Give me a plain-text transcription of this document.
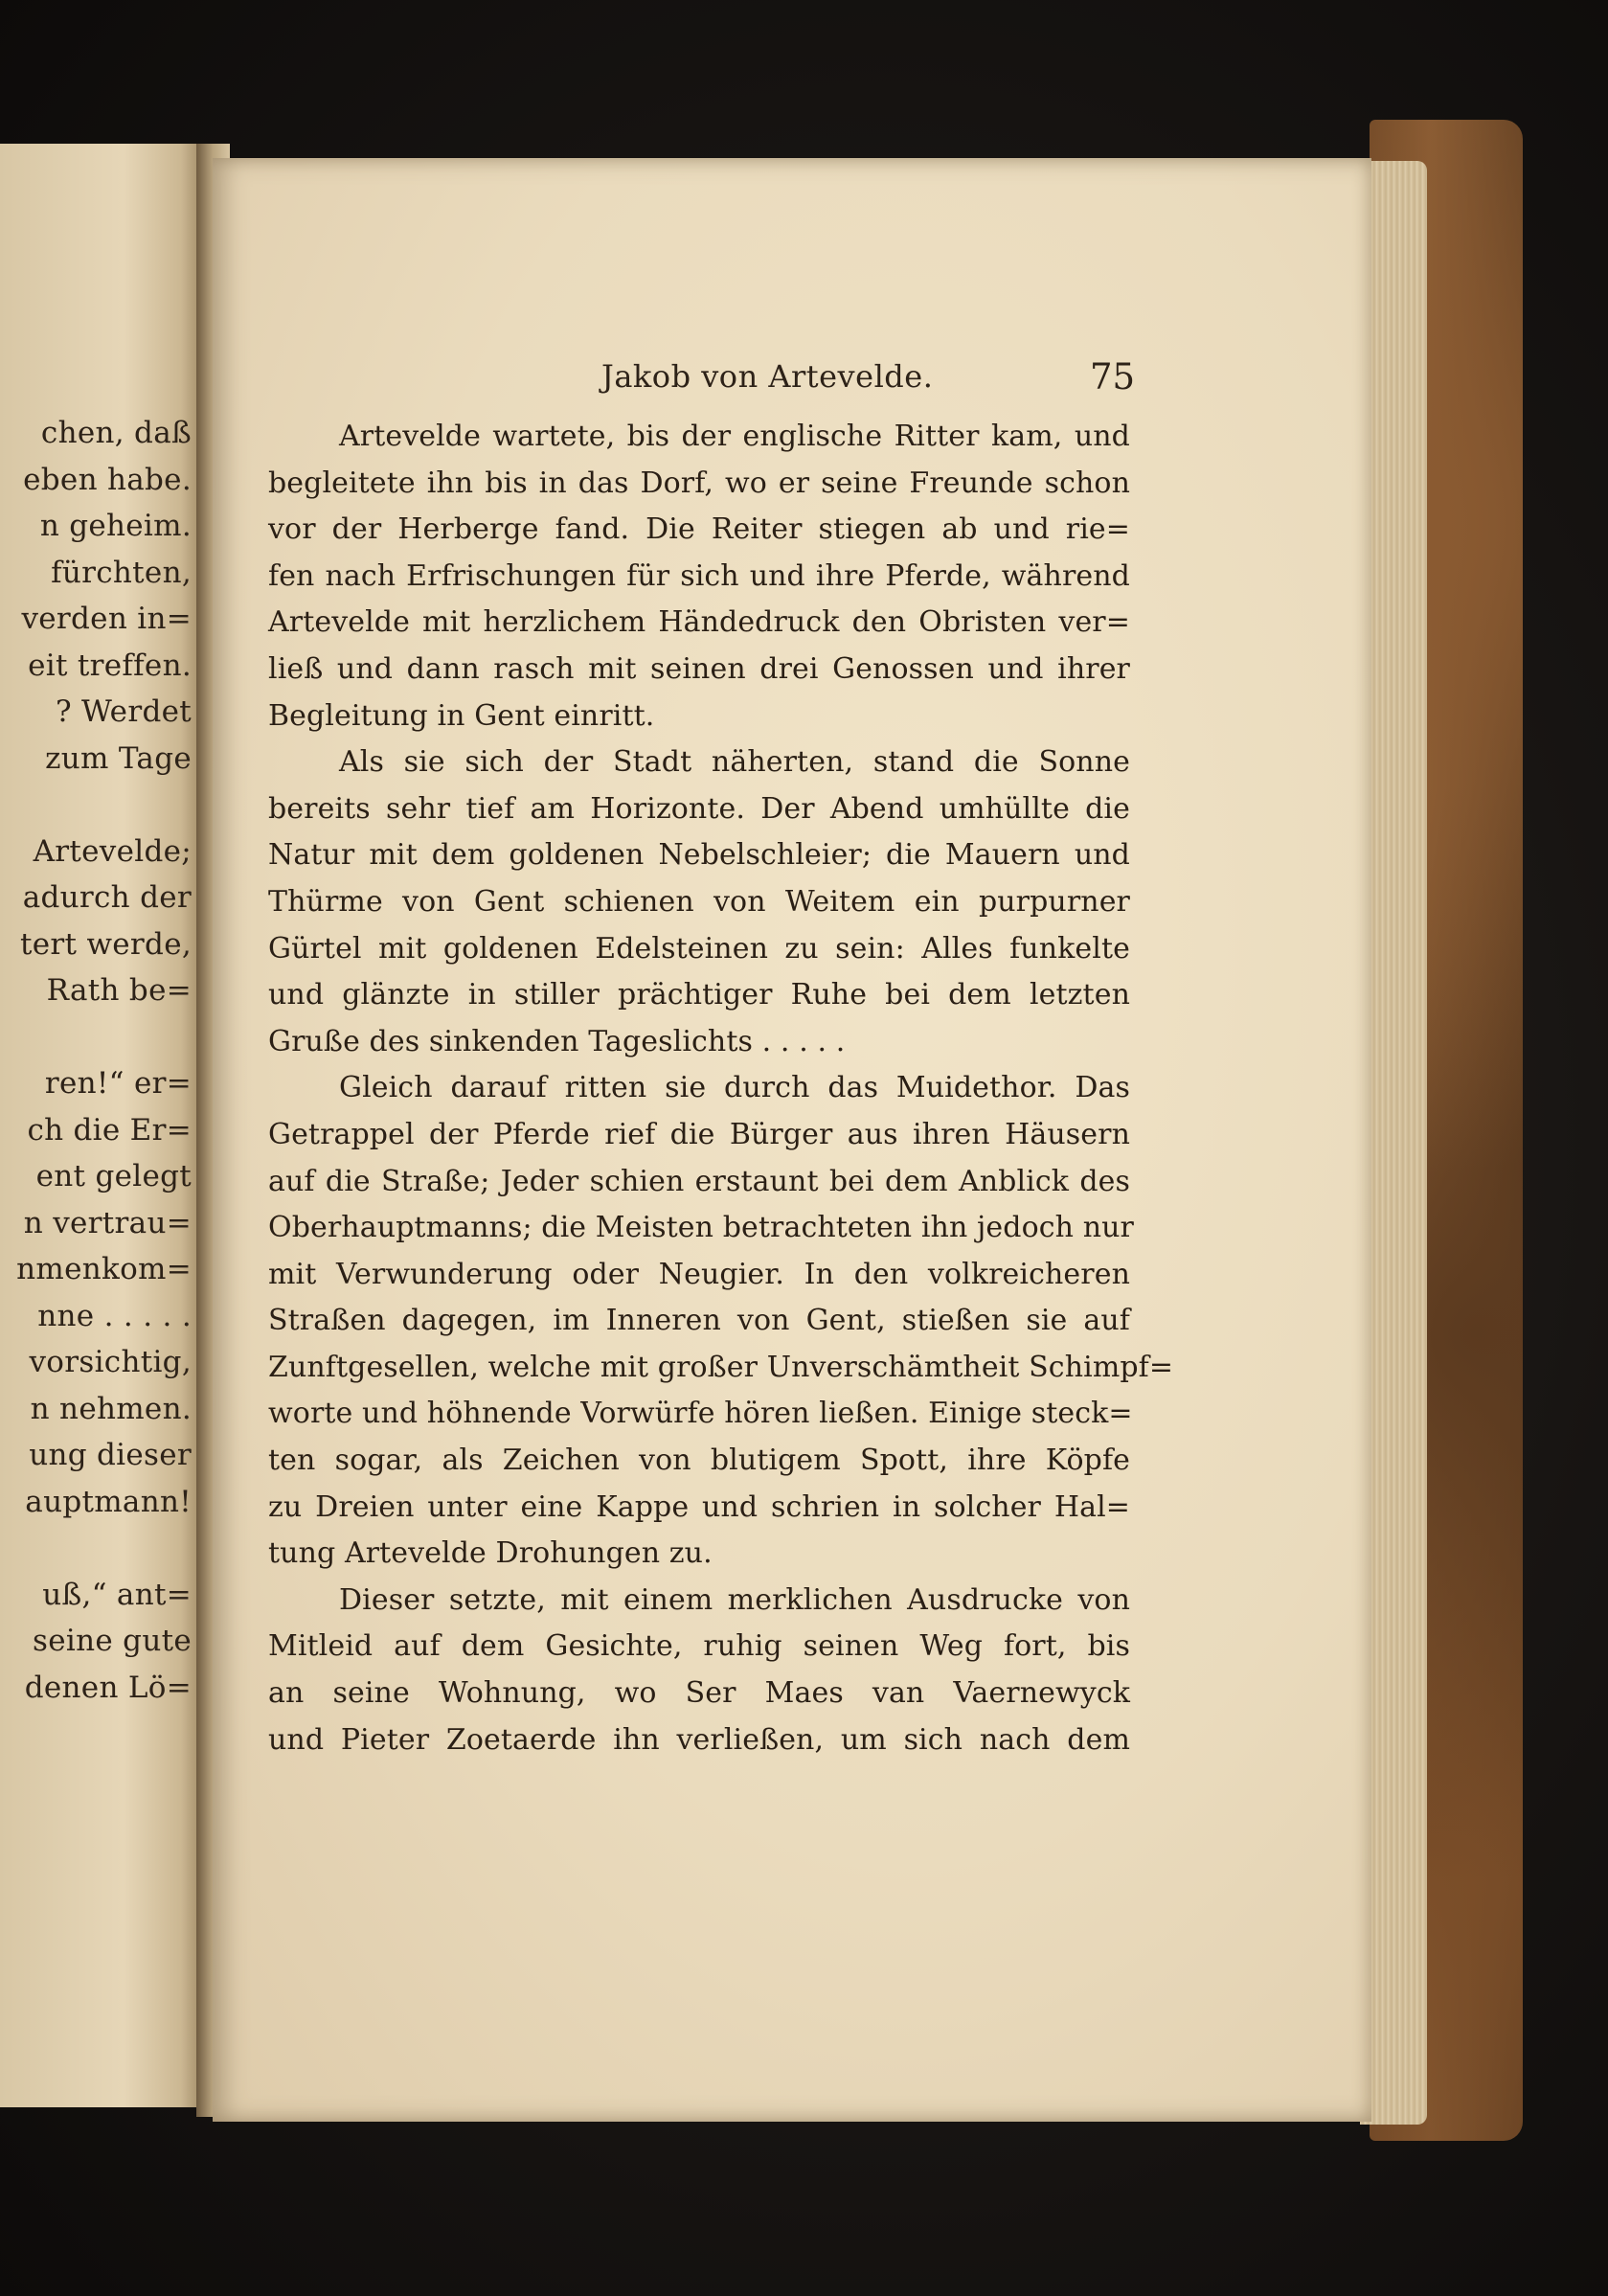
chen, daß
eben habe.
n geheim.
fürchten,
verden in=
eit treffen.
? Werdet
zum Tage
Artevelde;
adurch der
tert werde,
Rath be=
ren!“ er=
ch die Er=
ent gelegt
n vertrau=
nmenkom=
nne . . . . .
vorsichtig,
n nehmen.
ung dieser
auptmann!
uß,“ ant=
seine gute
denen Lö=
Jakob von Artevelde.	75
Artevelde wartete, bis der englische Ritter kam, und
begleitete ihn bis in das Dorf, wo er seine Freunde schon
vor der Herberge fand. Die Reiter stiegen ab und rie=
fen nach Erfrischungen für sich und ihre Pferde, während
Artevelde mit herzlichem Händedruck den Obristen ver=
ließ und dann rasch mit seinen drei Genossen und ihrer
Begleitung in Gent einritt.
Als sie sich der Stadt näherten, stand die Sonne
bereits sehr tief am Horizonte. Der Abend umhüllte die
Natur mit dem goldenen Nebelschleier; die Mauern und
Thürme von Gent schienen von Weitem ein purpurner
Gürtel mit goldenen Edelsteinen zu sein: Alles funkelte
und glänzte in stiller prächtiger Ruhe bei dem letzten
Gruße des sinkenden Tageslichts . . . . .
Gleich darauf ritten sie durch das Muidethor. Das
Getrappel der Pferde rief die Bürger aus ihren Häusern
auf die Straße; Jeder schien erstaunt bei dem Anblick des
Oberhauptmanns; die Meisten betrachteten ihn jedoch nur
mit Verwunderung oder Neugier. In den volkreicheren
Straßen dagegen, im Inneren von Gent, stießen sie auf
Zunftgesellen, welche mit großer Unverschämtheit Schimpf=
worte und höhnende Vorwürfe hören ließen. Einige steck=
ten sogar, als Zeichen von blutigem Spott, ihre Köpfe
zu Dreien unter eine Kappe und schrien in solcher Hal=
tung Artevelde Drohungen zu.
Dieser setzte, mit einem merklichen Ausdrucke von
Mitleid auf dem Gesichte, ruhig seinen Weg fort, bis
an seine Wohnung, wo Ser Maes van Vaernewyck
und Pieter Zoetaerde ihn verließen, um sich nach dem
